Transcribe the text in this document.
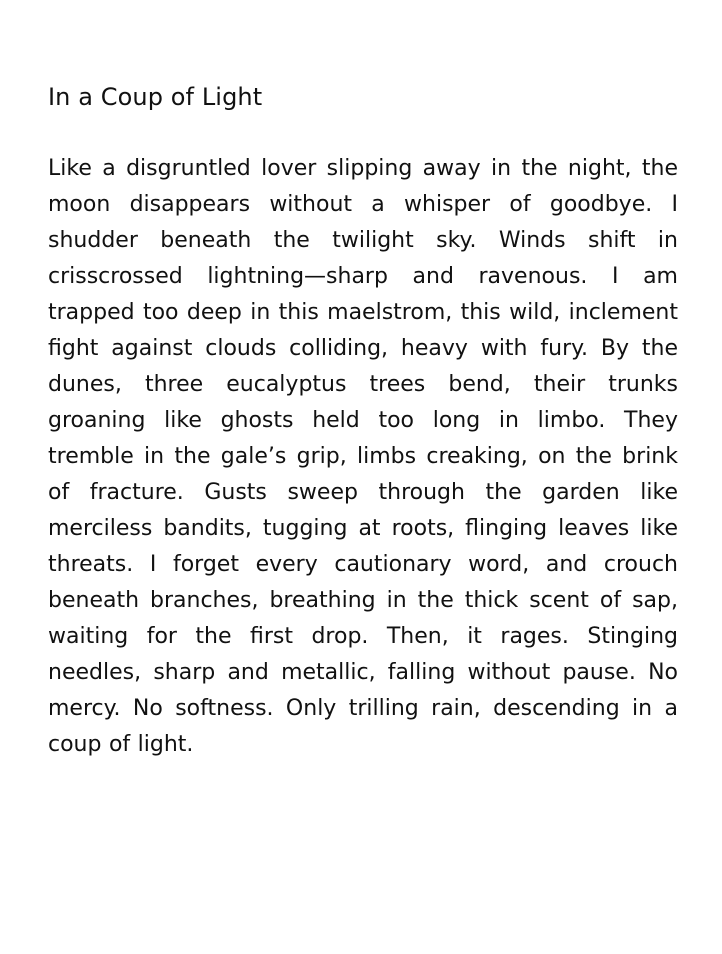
In a Coup of Light

Like a disgruntled lover slipping away in the night, the moon disappears without a whisper of goodbye. I shudder beneath the twilight sky. Winds shift in crisscrossed lightning—sharp and ravenous. I am trapped too deep in this maelstrom, this wild, inclement fight against clouds colliding, heavy with fury. By the dunes, three eucalyptus trees bend, their trunks groaning like ghosts held too long in limbo. They tremble in the gale’s grip, limbs creaking, on the brink of fracture. Gusts sweep through the garden like merciless bandits, tugging at roots, flinging leaves like threats. I forget every cautionary word, and crouch beneath branches, breathing in the thick scent of sap, waiting for the first drop. Then, it rages. Stinging needles, sharp and metallic, falling without pause. No mercy. No softness. Only trilling rain, descending in a coup of light.
